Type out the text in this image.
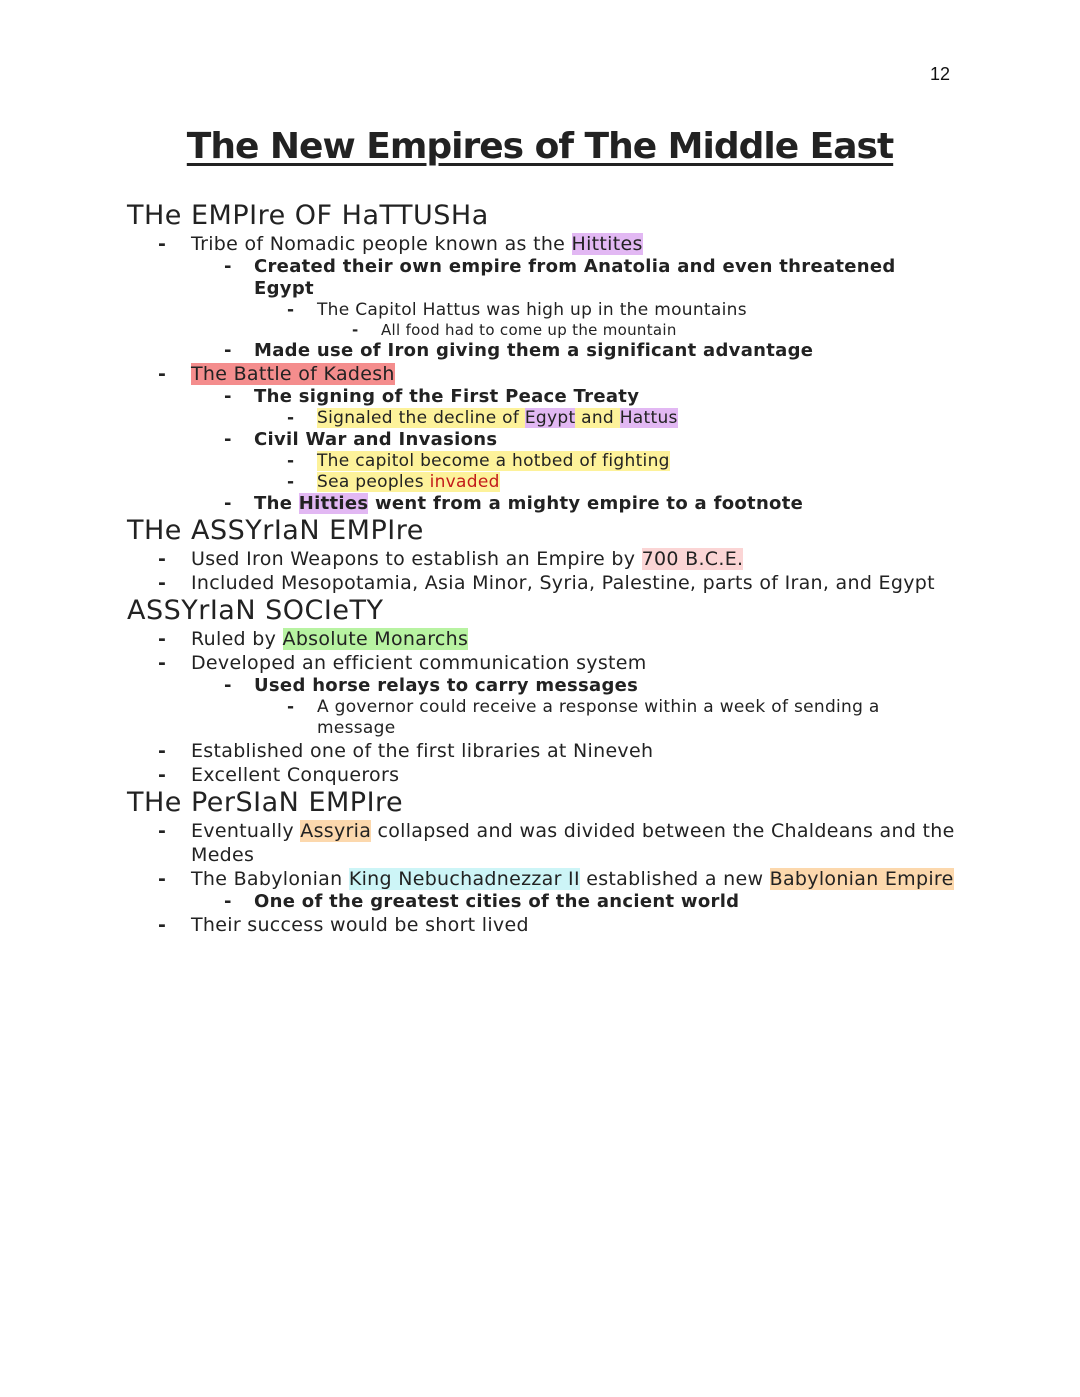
12
The New Empires of The Middle East
THe EMPIre OF HaTTUSHa
- Tribe of Nomadic people known as the Hittites
- Created their own empire from Anatolia and even threatened Egypt
- The Capitol Hattus was high up in the mountains
- All food had to come up the mountain
- Made use of Iron giving them a significant advantage
- The Battle of Kadesh
- The signing of the First Peace Treaty
- Signaled the decline of Egypt and Hattus
- Civil War and Invasions
- The capitol become a hotbed of fighting
- Sea peoples invaded
- The Hitties went from a mighty empire to a footnote
THe ASSYrIaN EMPIre
- Used Iron Weapons to establish an Empire by 700 B.C.E.
- Included Mesopotamia, Asia Minor, Syria, Palestine, parts of Iran, and Egypt
ASSYrIaN SOCIeTY
- Ruled by Absolute Monarchs
- Developed an efficient communication system
- Used horse relays to carry messages
- A governor could receive a response within a week of sending a message
- Established one of the first libraries at Nineveh
- Excellent Conquerors
THe PerSIaN EMPIre
- Eventually Assyria collapsed and was divided between the Chaldeans and the Medes
- The Babylonian King Nebuchadnezzar II established a new Babylonian Empire
- One of the greatest cities of the ancient world
- Their success would be short lived
